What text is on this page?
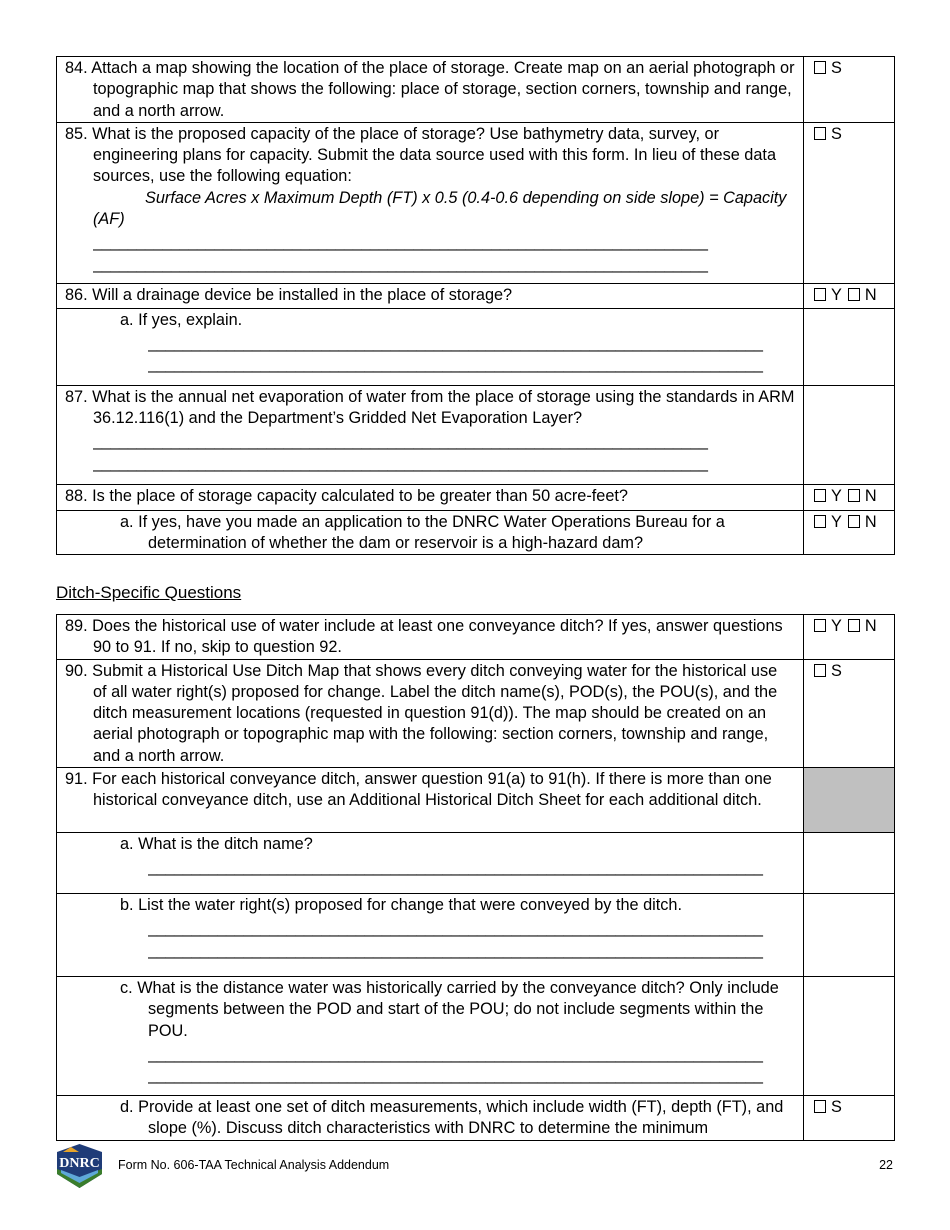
84. Attach a map showing the location of the place of storage. Create map on an aerial photograph or topographic map that shows the following: place of storage, section corners, township and range, and a north arrow.	S

85. What is the proposed capacity of the place of storage? Use bathymetry data, survey, or engineering plans for capacity. Submit the data source used with this form. In lieu of these data sources, use the following equation:
Surface Acres x Maximum Depth (FT) x 0.5 (0.4-0.6 depending on side slope) = Capacity (AF)
_______________________________________________________________________
_______________________________________________________________________	S

86. Will a drainage device be installed in the place of storage?	Y N

a. If yes, explain.
_______________________________________________________________________
_______________________________________________________________________	

87. What is the annual net evaporation of water from the place of storage using the standards in ARM 36.12.116(1) and the Department’s Gridded Net Evaporation Layer?
_______________________________________________________________________
_______________________________________________________________________	

88. Is the place of storage capacity calculated to be greater than 50 acre-feet?	Y N

a. If yes, have you made an application to the DNRC Water Operations Bureau for a determination of whether the dam or reservoir is a high-hazard dam?	Y N
Ditch-Specific Questions
89. Does the historical use of water include at least one conveyance ditch? If yes, answer questions 90 to 91. If no, skip to question 92.	Y N

90. Submit a Historical Use Ditch Map that shows every ditch conveying water for the historical use of all water right(s) proposed for change. Label the ditch name(s), POD(s), the POU(s), and the ditch measurement locations (requested in question 91(d)). The map should be created on an aerial photograph or topographic map with the following: section corners, township and range, and a north arrow.	S

91. For each historical conveyance ditch, answer question 91(a) to 91(h). If there is more than one historical conveyance ditch, use an Additional Historical Ditch Sheet for each additional ditch.	

a. What is the ditch name?
_______________________________________________________________________	

b. List the water right(s) proposed for change that were conveyed by the ditch.
_______________________________________________________________________
_______________________________________________________________________	

c. What is the distance water was historically carried by the conveyance ditch? Only include segments between the POD and start of the POU; do not include segments within the POU.
_______________________________________________________________________
_______________________________________________________________________	

d. Provide at least one set of ditch measurements, which include width (FT), depth (FT), and slope (%). Discuss ditch characteristics with DNRC to determine the minimum	S
DNRC Form No. 606-TAA Technical Analysis Addendum	22
